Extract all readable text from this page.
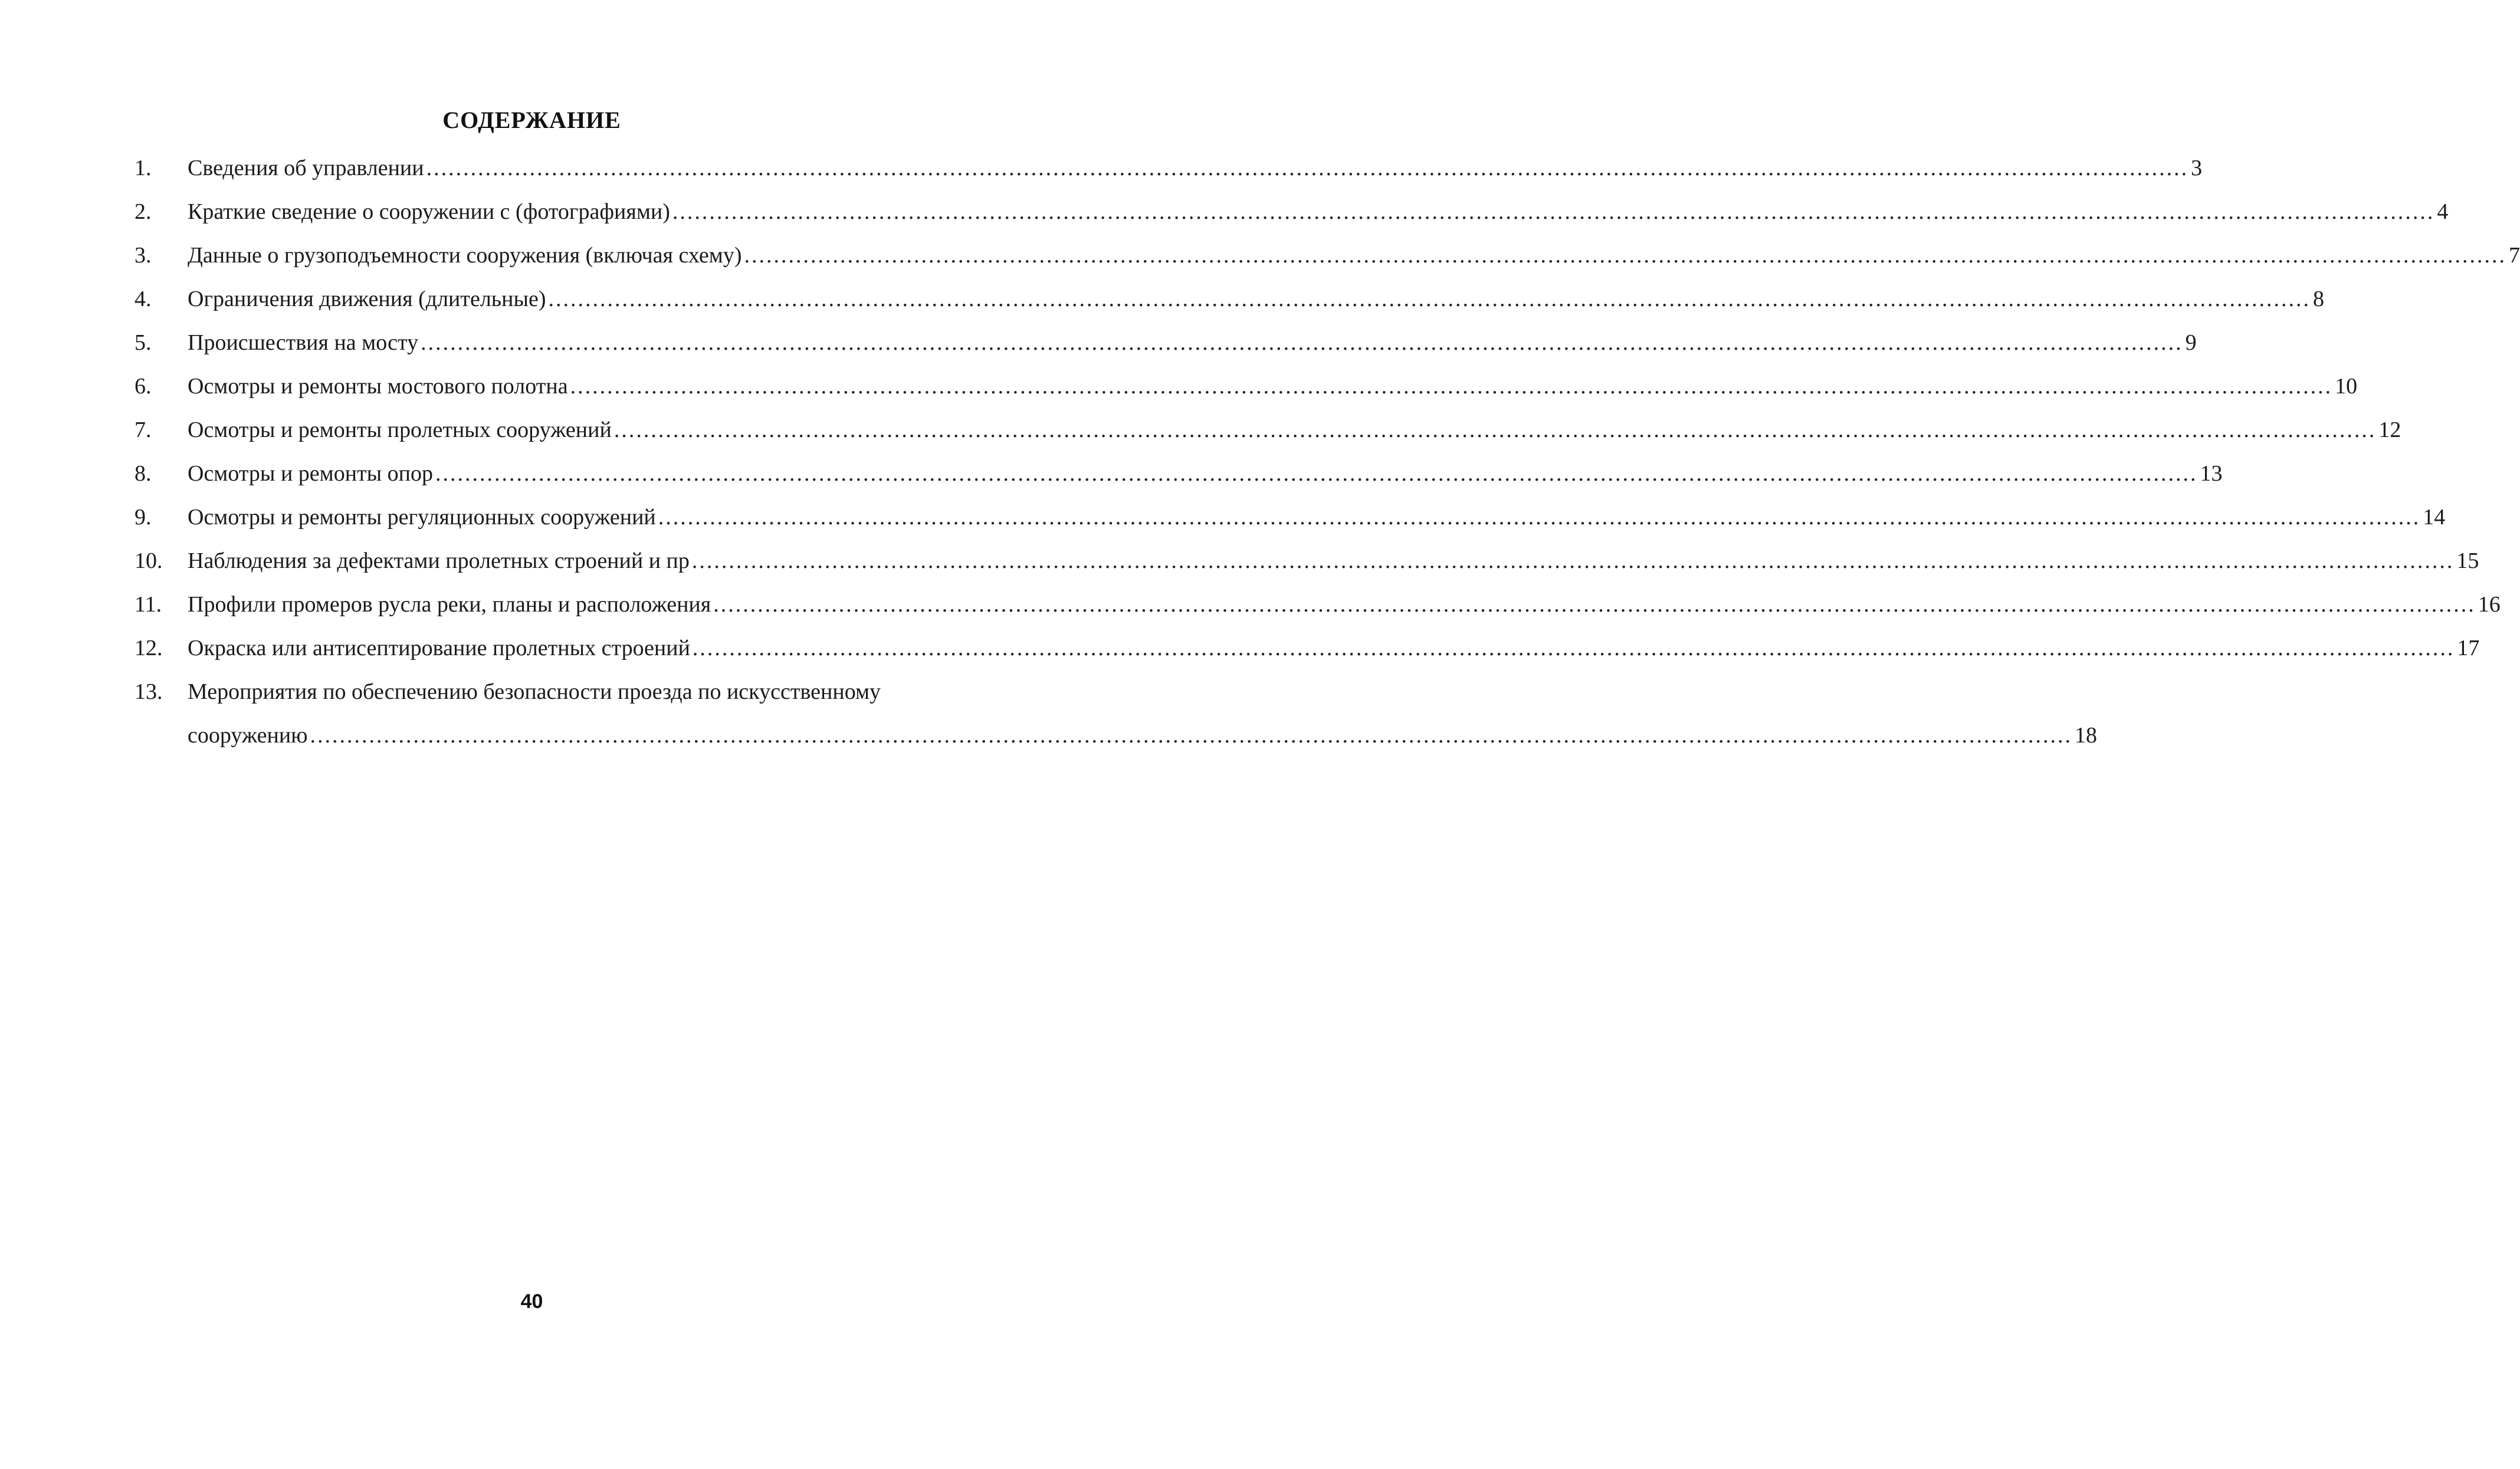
СОДЕРЖАНИЕ
1.	Сведения об управлении .....	3
2.	Краткие сведение о сооружении с (фотографиями) .....	4
3.	Данные о грузоподъемности сооружения (включая схему) .....	7
4.	Ограничения движения (длительные) .....	8
5.	Происшествия на мосту .....	9
6.	Осмотры и ремонты мостового полотна .....	10
7.	Осмотры и ремонты пролетных сооружений .....	12
8.	Осмотры и ремонты опор .....	13
9.	Осмотры и ремонты регуляционных сооружений .....	14
10.	Наблюдения за дефектами пролетных строений и пр .....	15
11.	Профили промеров русла реки, планы и расположения .....	16
12.	Окраска или антисептирование пролетных строений .....	17
13.	Мероприятия по обеспечению безопасности проезда по искусственному
сооружению .....	18
40
